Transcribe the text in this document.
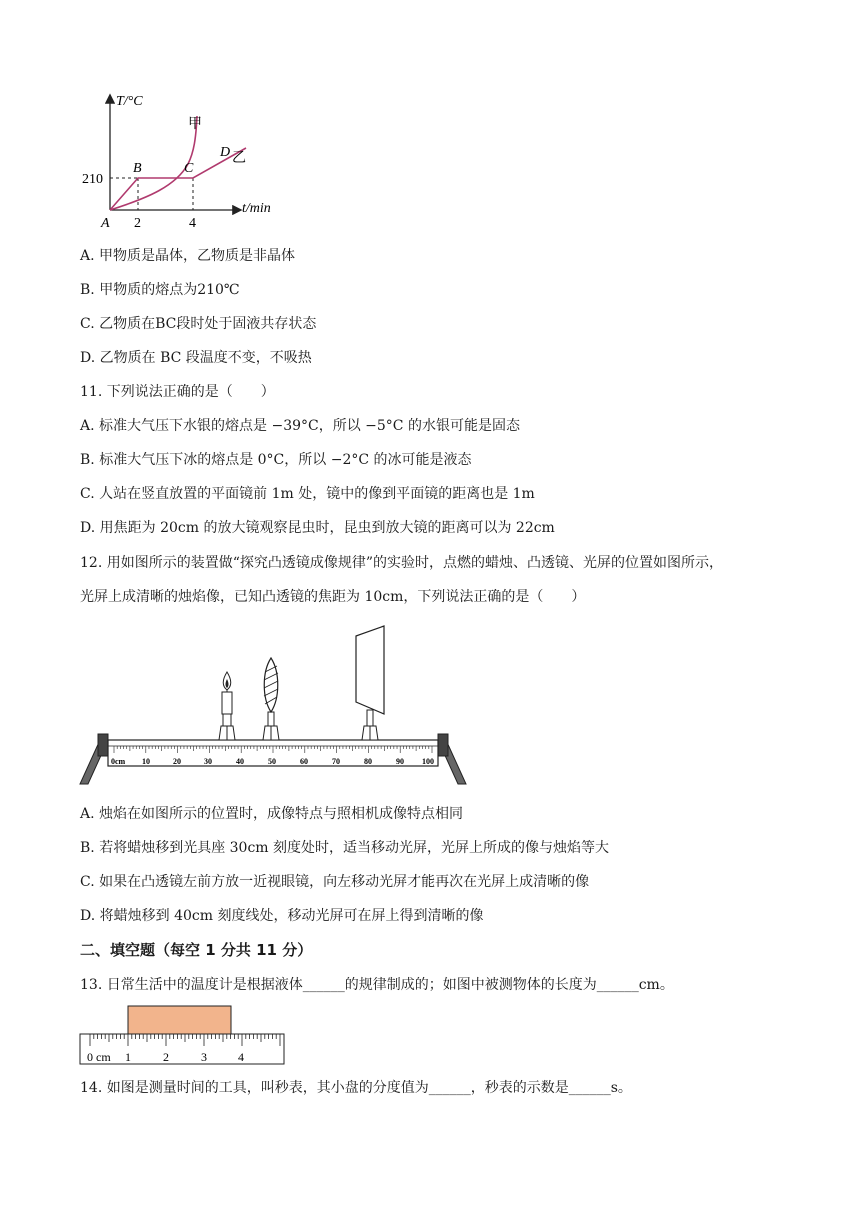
T/°C
t/min
210
2	4
A
B	C
D
甲
乙
A. 甲物质是晶体，乙物质是非晶体
B. 甲物质的熔点为210℃
C. 乙物质在BC段时处于固液共存状态
D. 乙物质在 BC 段温度不变，不吸热
11. 下列说法正确的是（　　）
A. 标准大气压下水银的熔点是 −39°C，所以 −5°C 的水银可能是固态
B. 标准大气压下冰的熔点是 0°C，所以 −2°C 的冰可能是液态
C. 人站在竖直放置的平面镜前 1m 处，镜中的像到平面镜的距离也是 1m
D. 用焦距为 20cm 的放大镜观察昆虫时，昆虫到放大镜的距离可以为 22cm
12. 用如图所示的装置做“探究凸透镜成像规律”的实验时，点燃的蜡烛、凸透镜、光屏的位置如图所示，
光屏上成清晰的烛焰像，已知凸透镜的焦距为 10cm，下列说法正确的是（　　）
0cm 10	20	30	40	50	60	70	80	90 100
A. 烛焰在如图所示的位置时，成像特点与照相机成像特点相同
B. 若将蜡烛移到光具座 30cm 刻度处时，适当移动光屏，光屏上所成的像与烛焰等大
C. 如果在凸透镜左前方放一近视眼镜，向左移动光屏才能再次在光屏上成清晰的像
D. 将蜡烛移到 40cm 刻度线处，移动光屏可在屏上得到清晰的像
二、填空题（每空 1 分共 11 分）
13. 日常生活中的温度计是根据液体______的规律制成的；如图中被测物体的长度为______cm。
0 cm 1	2	3	4
14. 如图是测量时间的工具，叫秒表，其小盘的分度值为______，秒表的示数是______s。
